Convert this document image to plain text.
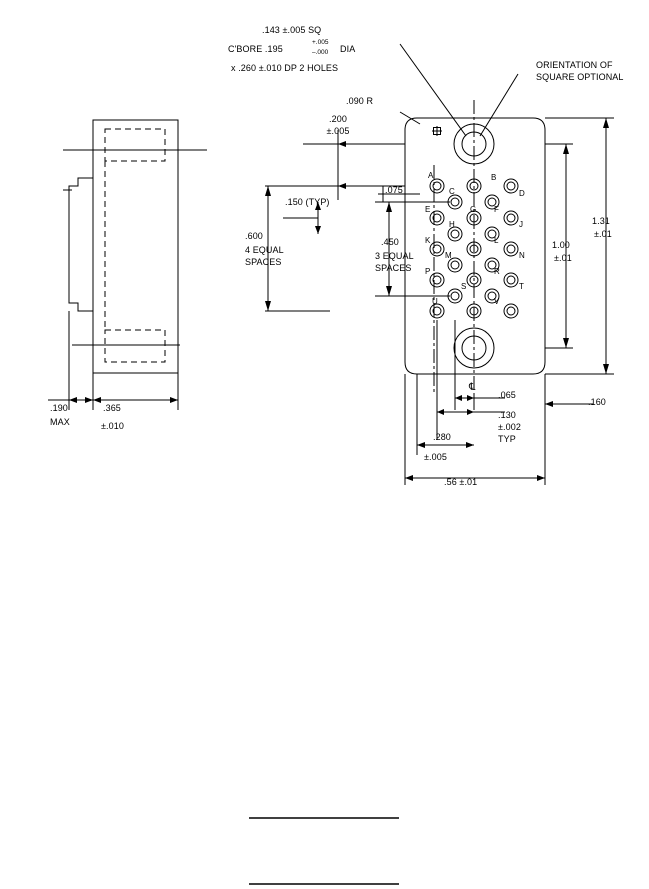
.143 ±.005 SQ
C'BORE .195
+.005
–.000 DIA
x .260 ±.010 DP 2 HOLES	ORIENTATION OF
SQUARE OPTIONAL
.090 R
.200
±.005
.150 (TYP)
.075
.600
4 EQUAL
SPACES
.450
3 EQUAL
SPACES
1.31
±.01
1.00
±.01
.160
.065
.130
±.002
TYP
.280
±.005
.56 ±.01
℄
.190
MAX
.365
±.010
A	B
C	D
E	F
G
H	J
K	L
M	N
P	R
S	T
U	V
